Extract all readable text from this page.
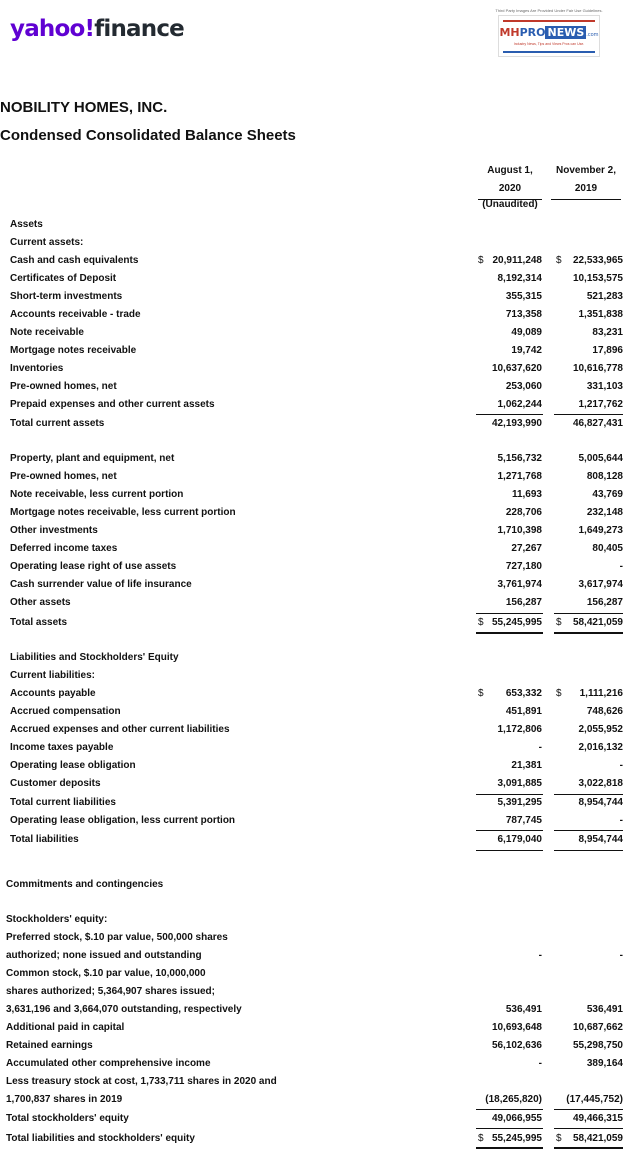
yahoo!finance
Third Party Images Are Provided Under Fair Use Guidelines.
MHPRO NEWS .com
Industry News, Tips and Views Pros can Use.
NOBILITY HOMES, INC.
Condensed Consolidated Balance Sheets
August 1,
2020
November 2,
2019
(Unaudited)
Assets
Current assets:
Cash and cash equivalents	$ 20,911,248 $	22,533,965
Certificates of Deposit	8,192,314	10,153,575
Short-term investments	355,315	521,283
Accounts receivable - trade	713,358	1,351,838
Note receivable	49,089	83,231
Mortgage notes receivable	19,742	17,896
Inventories	10,637,620	10,616,778
Pre-owned homes, net	253,060	331,103
Prepaid expenses and other current assets	1,062,244	1,217,762
Total current assets	42,193,990	46,827,431
Property, plant and equipment, net	5,156,732	5,005,644
Pre-owned homes, net	1,271,768	808,128
Note receivable, less current portion	11,693	43,769
Mortgage notes receivable, less current portion	228,706	232,148
Other investments	1,710,398	1,649,273
Deferred income taxes	27,267	80,405
Operating lease right of use assets	727,180	-
Cash surrender value of life insurance	3,761,974	3,617,974
Other assets	156,287	156,287
Total assets	$ 55,245,995 $	58,421,059
Liabilities and Stockholders' Equity
Current liabilities:
Accounts payable	$	653,332 $	1,111,216
Accrued compensation	451,891	748,626
Accrued expenses and other current liabilities	1,172,806	2,055,952
Income taxes payable	-	2,016,132
Operating lease obligation	21,381	-
Customer deposits	3,091,885	3,022,818
Total current liabilities	5,391,295	8,954,744
Operating lease obligation, less current portion	787,745	-
Total liabilities	6,179,040	8,954,744
Commitments and contingencies
Stockholders' equity:
Preferred stock, $.10 par value, 500,000 shares
authorized; none issued and outstanding	-	-
Common stock, $.10 par value, 10,000,000
shares authorized; 5,364,907 shares issued;
3,631,196 and 3,664,070 outstanding, respectively	536,491	536,491
Additional paid in capital	10,693,648	10,687,662
Retained earnings	56,102,636	55,298,750
Accumulated other comprehensive income	-	389,164
Less treasury stock at cost, 1,733,711 shares in 2020 and
1,700,837 shares in 2019	(18,265,820)	(17,445,752)
Total stockholders' equity	49,066,955	49,466,315
Total liabilities and stockholders' equity	$ 55,245,995 $	58,421,059
